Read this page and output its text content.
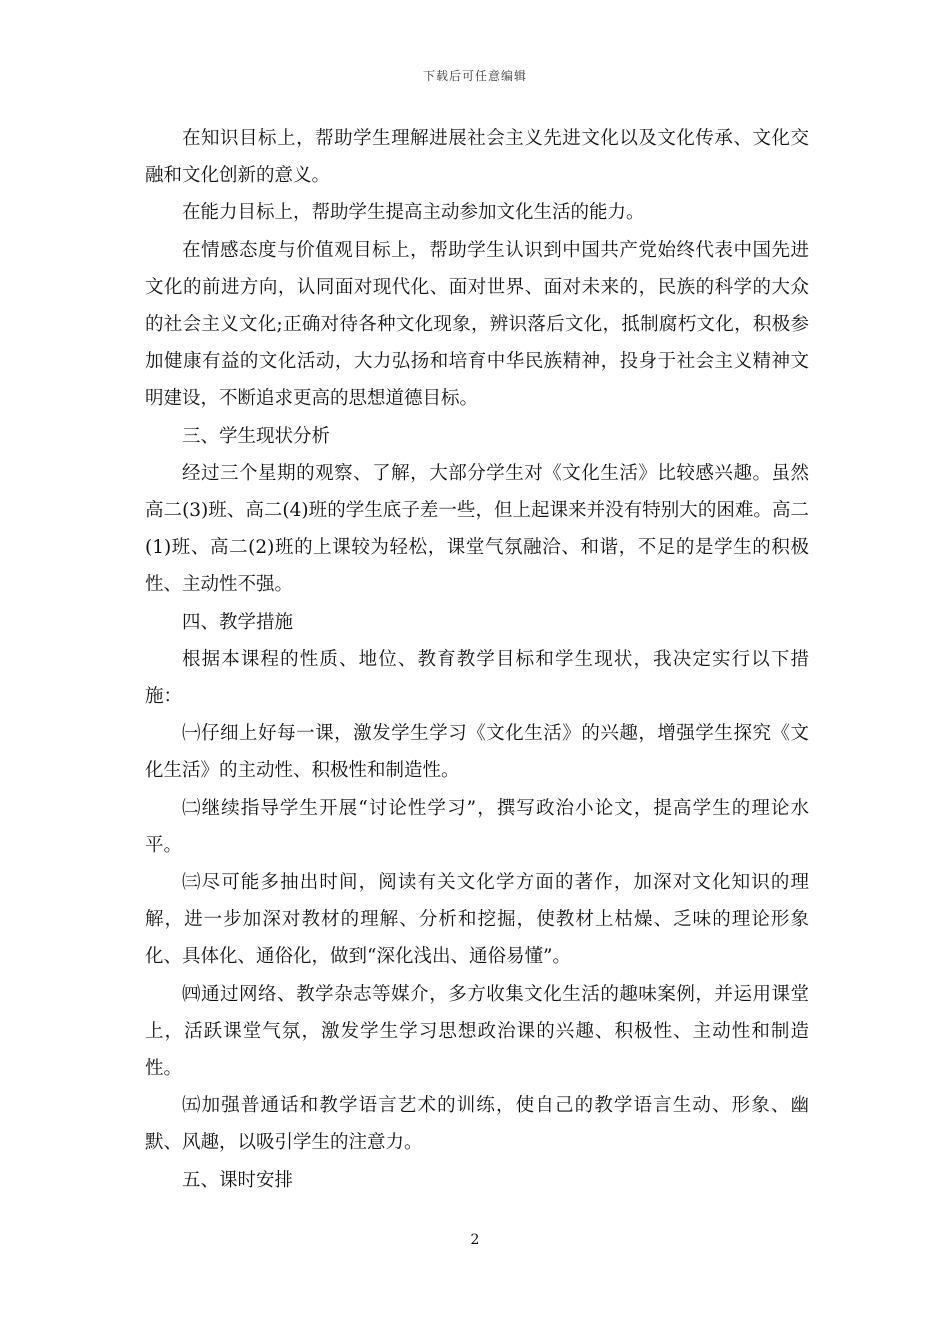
下载后可任意编辑

在知识目标上，帮助学生理解进展社会主义先进文化以及文化传承、文化交融和文化创新的意义。

在能力目标上，帮助学生提高主动参加文化生活的能力。

在情感态度与价值观目标上，帮助学生认识到中国共产党始终代表中国先进文化的前进方向，认同面对现代化、面对世界、面对未来的，民族的科学的大众的社会主义文化;正确对待各种文化现象，辨识落后文化，抵制腐朽文化，积极参加健康有益的文化活动，大力弘扬和培育中华民族精神，投身于社会主义精神文明建设，不断追求更高的思想道德目标。

三、学生现状分析

经过三个星期的观察、了解，大部分学生对《文化生活》比较感兴趣。虽然高二(3)班、高二(4)班的学生底子差一些，但上起课来并没有特别大的困难。高二(1)班、高二(2)班的上课较为轻松，课堂气氛融洽、和谐，不足的是学生的积极性、主动性不强。

四、教学措施

根据本课程的性质、地位、教育教学目标和学生现状，我决定实行以下措施：

㈠仔细上好每一课，激发学生学习《文化生活》的兴趣，增强学生探究《文化生活》的主动性、积极性和制造性。

㈡继续指导学生开展“讨论性学习”，撰写政治小论文，提高学生的理论水平。

㈢尽可能多抽出时间，阅读有关文化学方面的著作，加深对文化知识的理解，进一步加深对教材的理解、分析和挖掘，使教材上枯燥、乏味的理论形象化、具体化、通俗化，做到“深化浅出、通俗易懂”。

㈣通过网络、教学杂志等媒介，多方收集文化生活的趣味案例，并运用课堂上，活跃课堂气氛，激发学生学习思想政治课的兴趣、积极性、主动性和制造性。

㈤加强普通话和教学语言艺术的训练，使自己的教学语言生动、形象、幽默、风趣，以吸引学生的注意力。

五、课时安排

2
